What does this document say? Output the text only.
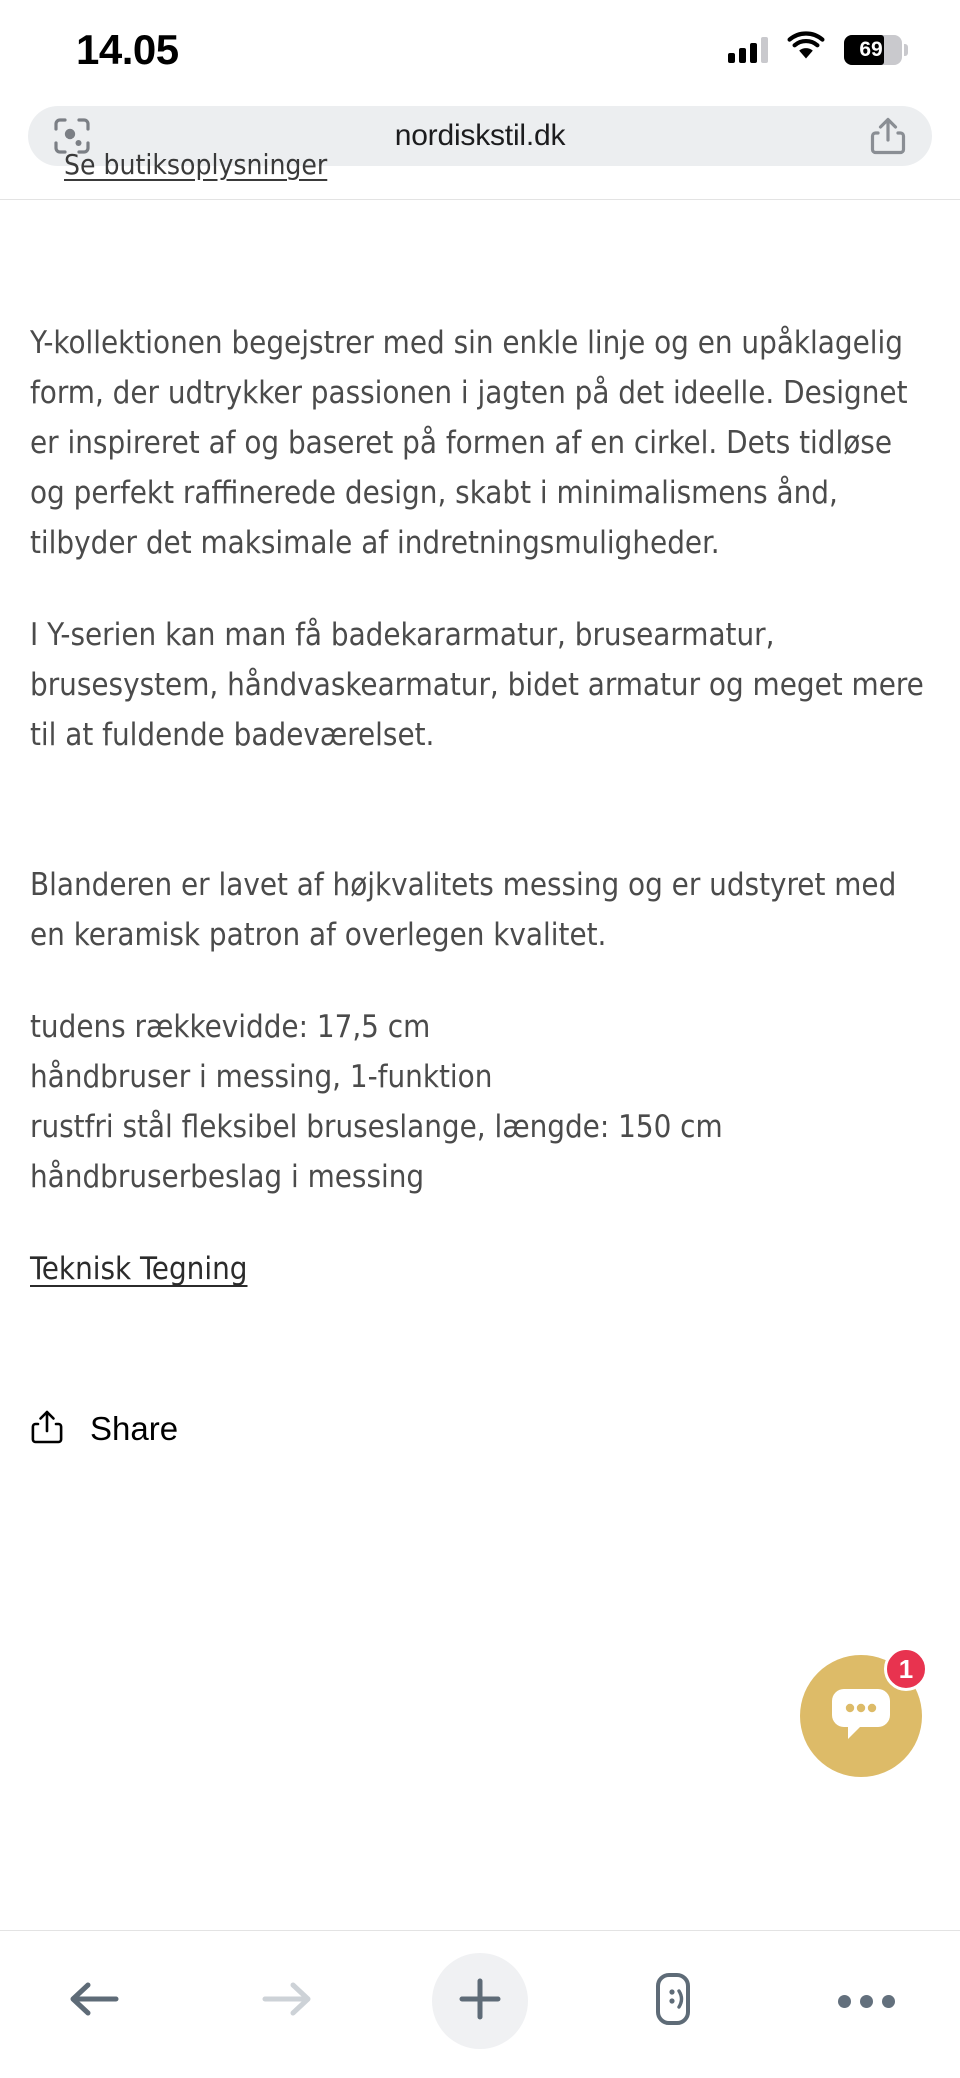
14.05	69
nordiskstil.dk
Se butiksoplysninger

Y-kollektionen begejstrer med sin enkle linje og en upåklagelig form, der udtrykker passionen i jagten på det ideelle. Designet er inspireret af og baseret på formen af en cirkel. Dets tidløse og perfekt raffinerede design, skabt i minimalismens ånd, tilbyder det maksimale af indretningsmuligheder.

I Y-serien kan man få badekararmatur, brusearmatur, brusesystem, håndvaskearmatur, bidet armatur og meget mere til at fuldende badeværelset.

Blanderen er lavet af højkvalitets messing og er udstyret med en keramisk patron af overlegen kvalitet.

tudens rækkevidde: 17,5 cm
håndbruser i messing, 1-funktion
rustfri stål fleksibel bruseslange, længde: 150 cm
håndbruserbeslag i messing
Teknisk Tegning
Share
1
